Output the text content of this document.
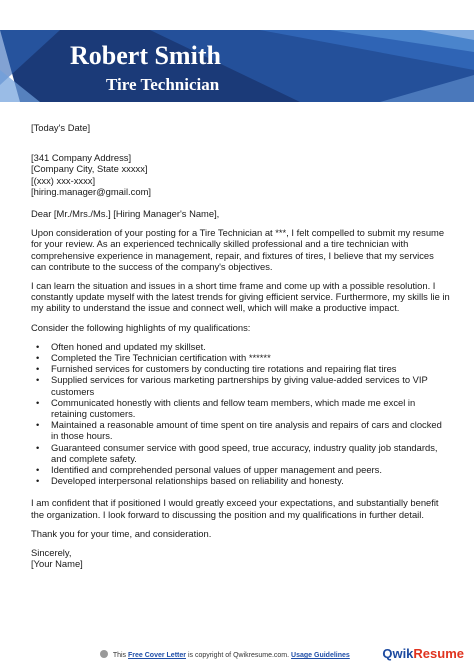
Robert Smith
Tire Technician

[Today's Date]

[341 Company Address]

[Company City, State xxxxx]

[(xxx) xxx-xxxx]

[hiring.manager@gmail.com]

Dear [Mr./Mrs./Ms.] [Hiring Manager's Name],

Upon consideration of your posting for a Tire Technician at ***, I felt compelled to submit my resume for your review. As an experienced technically skilled professional and a tire technician with comprehensive experience in management, repair, and fixtures of tires, I believe that my services can contribute to the success of the company's objectives.

I can learn the situation and issues in a short time frame and come up with a possible resolution. I constantly update myself with the latest trends for giving efficient service. Furthermore, my skills lie in my ability to understand the issue and connect well, which will make a productive impact.

Consider the following highlights of my qualifications:

• Often honed and updated my skillset.
• Completed the Tire Technician certification with ******
• Furnished services for customers by conducting tire rotations and repairing flat tires
• Supplied services for various marketing partnerships by giving value-added services to VIP customers
• Communicated honestly with clients and fellow team members, which made me excel in retaining customers.
• Maintained a reasonable amount of time spent on tire analysis and repairs of cars and clocked in those hours.
• Guaranteed consumer service with good speed, true accuracy, industry quality job standards, and complete safety.
• Identified and comprehended personal values of upper management and peers.
• Developed interpersonal relationships based on reliability and honesty.

I am confident that if positioned I would greatly exceed your expectations, and substantially benefit the organization. I look forward to discussing the position and my qualifications in further detail.

Thank you for your time, and consideration.

Sincerely,

[Your Name]

This Free Cover Letter is copyright of Qwikresume.com. Usage Guidelines	QwikResume
